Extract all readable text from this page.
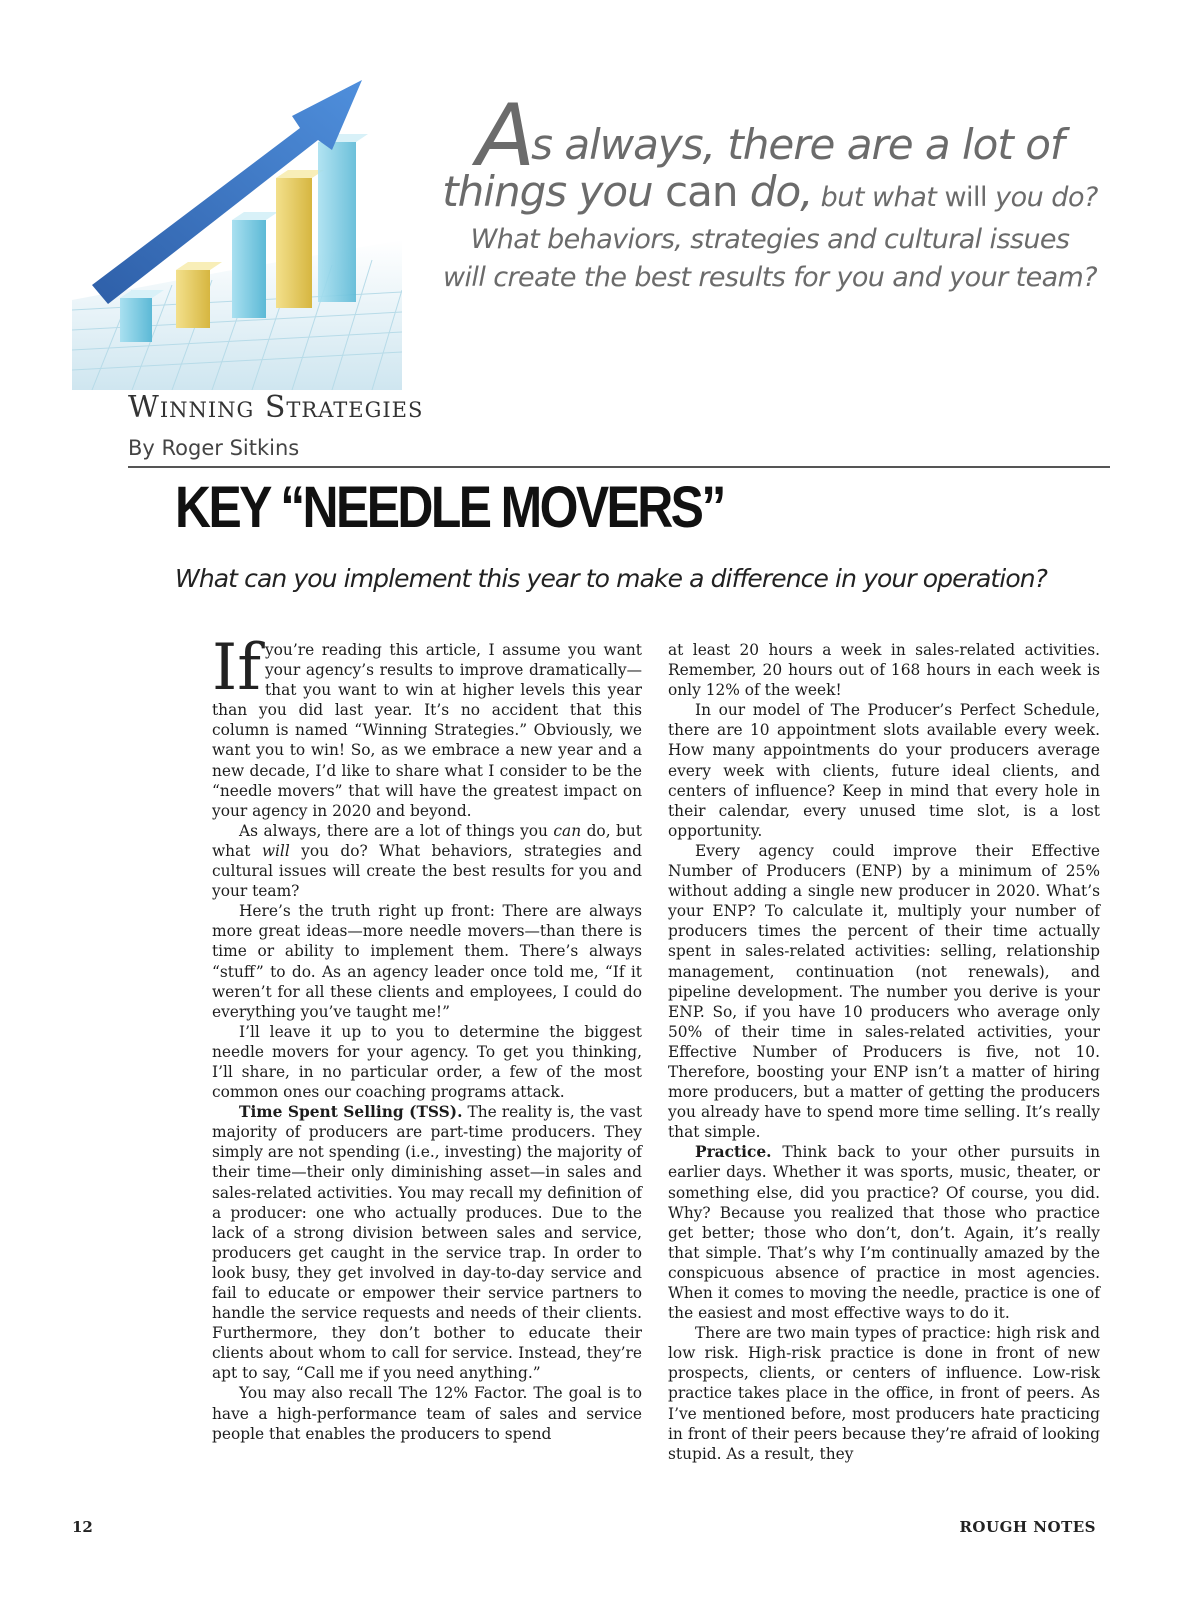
As always, there are a lot of
things you can do, but what will you do?
What behaviors, strategies and cultural issues
will create the best results for you and your team?
Winning Strategies
By Roger Sitkins
KEY “NEEDLE MOVERS”
What can you implement this year to make a difference in your operation?

If you’re reading this article, I assume you want your agency’s results to improve dramatically—that you want to win at higher levels this year than you did last year. It’s no accident that this column is named “Winning Strategies.” Obviously, we want you to win! So, as we embrace a new year and a new decade, I’d like to share what I consider to be the “needle movers” that will have the greatest impact on your agency in 2020 and beyond.

As always, there are a lot of things you can do, but what will you do? What behaviors, strategies and cultural issues will create the best results for you and your team?

Here’s the truth right up front: There are always more great ideas—more needle movers—than there is time or ability to implement them. There’s always “stuff” to do. As an agency leader once told me, “If it weren’t for all these clients and employees, I could do everything you’ve taught me!”

I’ll leave it up to you to determine the biggest needle movers for your agency. To get you thinking, I’ll share, in no particular order, a few of the most common ones our coaching programs attack.

Time Spent Selling (TSS). The reality is, the vast majority of producers are part-time producers. They simply are not spending (i.e., investing) the majority of their time—their only diminishing asset—in sales and sales-related activities. You may recall my definition of a producer: one who actually produces. Due to the lack of a strong division between sales and service, producers get caught in the service trap. In order to look busy, they get involved in day-to-day service and fail to educate or empower their service partners to handle the service requests and needs of their clients. Furthermore, they don’t bother to educate their clients about whom to call for service. Instead, they’re apt to say, “Call me if you need anything.”

You may also recall The 12% Factor. The goal is to have a high-performance team of sales and service people that enables the producers to spend

at least 20 hours a week in sales-related activities. Remember, 20 hours out of 168 hours in each week is only 12% of the week!

In our model of The Producer’s Perfect Schedule, there are 10 appointment slots available every week. How many appointments do your producers average every week with clients, future ideal clients, and centers of influence? Keep in mind that every hole in their calendar, every unused time slot, is a lost opportunity.

Every agency could improve their Effective Number of Producers (ENP) by a minimum of 25% without adding a single new producer in 2020. What’s your ENP? To calculate it, multiply your number of producers times the percent of their time actually spent in sales-related activities: selling, relationship management, continuation (not renewals), and pipeline development. The number you derive is your ENP. So, if you have 10 producers who average only 50% of their time in sales-related activities, your Effective Number of Producers is five, not 10. Therefore, boosting your ENP isn’t a matter of hiring more producers, but a matter of getting the producers you already have to spend more time selling. It’s really that simple.

Practice. Think back to your other pursuits in earlier days. Whether it was sports, music, theater, or something else, did you practice? Of course, you did. Why? Because you realized that those who practice get better; those who don’t, don’t. Again, it’s really that simple. That’s why I’m continually amazed by the conspicuous absence of practice in most agencies. When it comes to moving the needle, practice is one of the easiest and most effective ways to do it.

There are two main types of practice: high risk and low risk. High-risk practice is done in front of new prospects, clients, or centers of influence. Low-risk practice takes place in the office, in front of peers. As I’ve mentioned before, most producers hate practicing in front of their peers because they’re afraid of looking stupid. As a result, they

12	ROUGH NOTES
